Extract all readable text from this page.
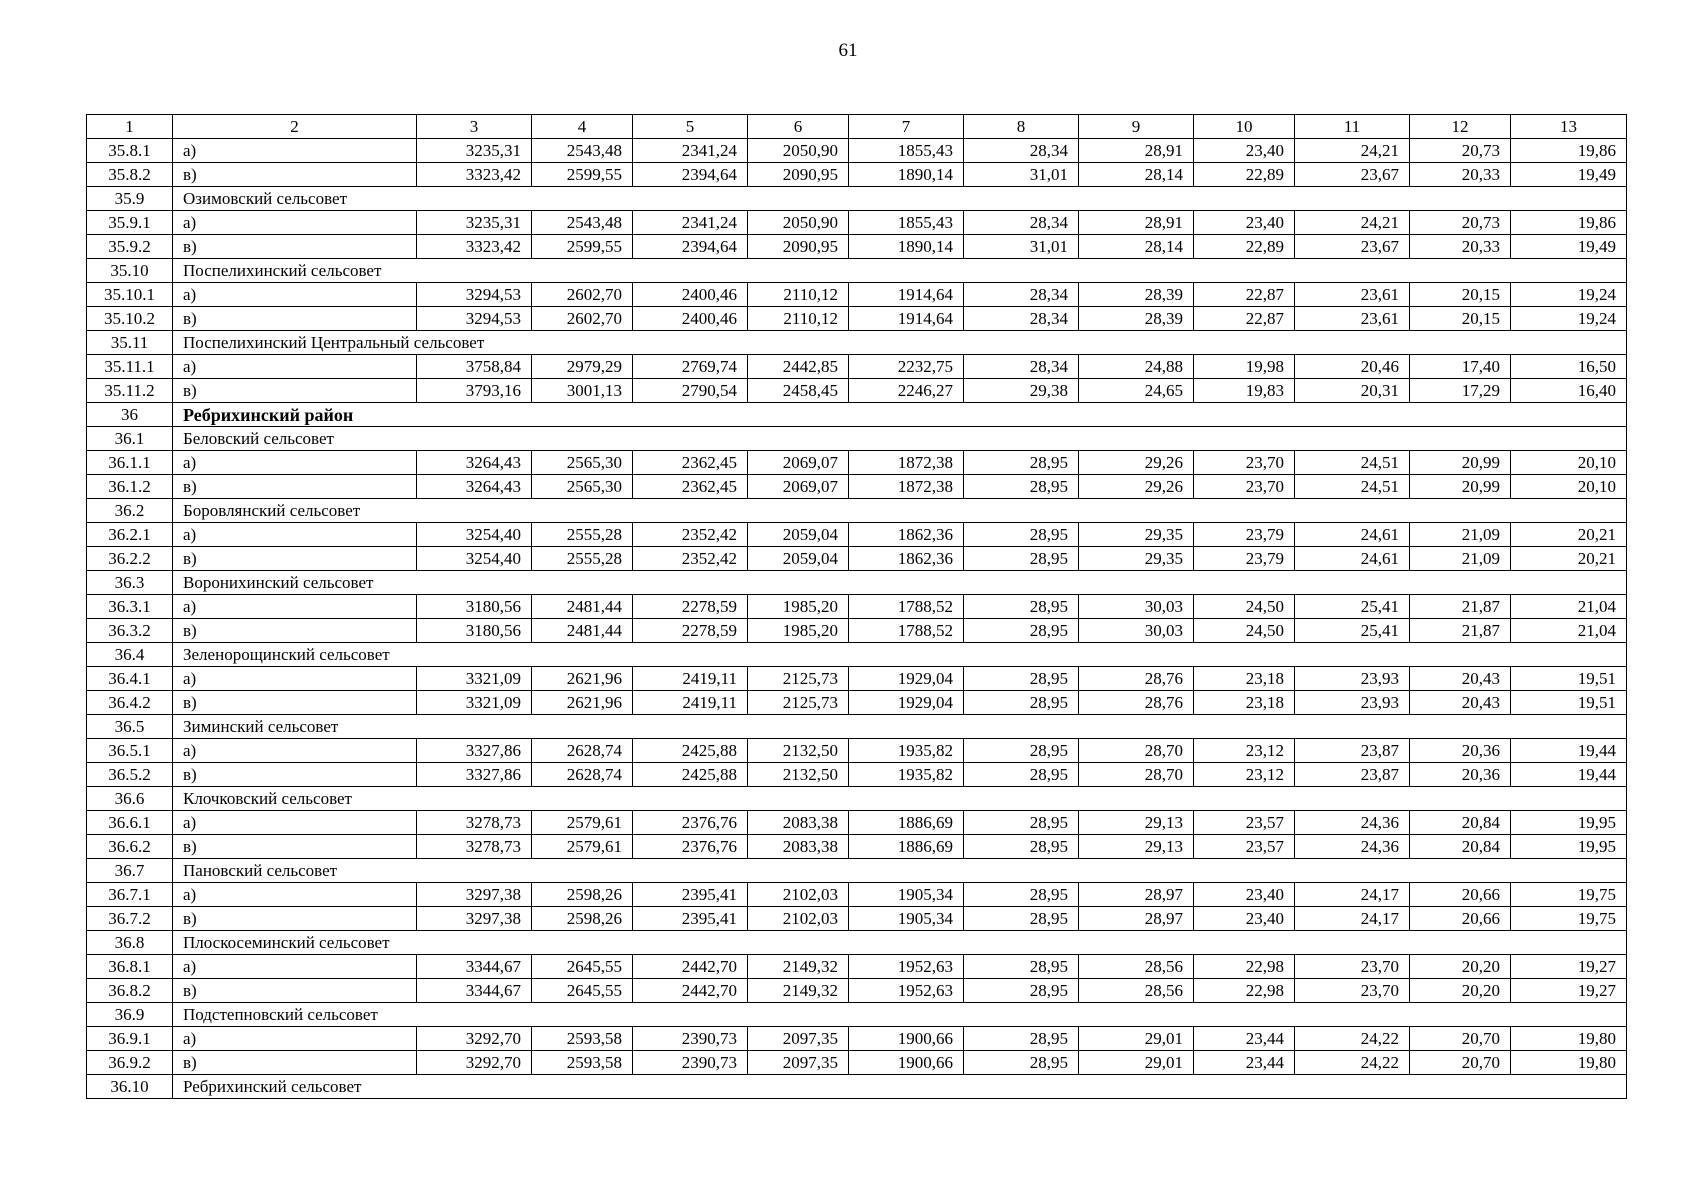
61
1	2	3	4	5	6	7	8	9	10	11	12	13
35.8.1	а)	3235,31	2543,48	2341,24	2050,90	1855,43	28,34	28,91	23,40	24,21	20,73	19,86
35.8.2	в)	3323,42	2599,55	2394,64	2090,95	1890,14	31,01	28,14	22,89	23,67	20,33	19,49
35.9	Озимовский сельсовет											
35.9.1	а)	3235,31	2543,48	2341,24	2050,90	1855,43	28,34	28,91	23,40	24,21	20,73	19,86
35.9.2	в)	3323,42	2599,55	2394,64	2090,95	1890,14	31,01	28,14	22,89	23,67	20,33	19,49
35.10	Поспелихинский сельсовет											
35.10.1	а)	3294,53	2602,70	2400,46	2110,12	1914,64	28,34	28,39	22,87	23,61	20,15	19,24
35.10.2	в)	3294,53	2602,70	2400,46	2110,12	1914,64	28,34	28,39	22,87	23,61	20,15	19,24
35.11	Поспелихинский Центральный сельсовет											
35.11.1	а)	3758,84	2979,29	2769,74	2442,85	2232,75	28,34	24,88	19,98	20,46	17,40	16,50
35.11.2	в)	3793,16	3001,13	2790,54	2458,45	2246,27	29,38	24,65	19,83	20,31	17,29	16,40
36	Ребрихинский район											
36.1	Беловский сельсовет											
36.1.1	а)	3264,43	2565,30	2362,45	2069,07	1872,38	28,95	29,26	23,70	24,51	20,99	20,10
36.1.2	в)	3264,43	2565,30	2362,45	2069,07	1872,38	28,95	29,26	23,70	24,51	20,99	20,10
36.2	Боровлянский сельсовет											
36.2.1	а)	3254,40	2555,28	2352,42	2059,04	1862,36	28,95	29,35	23,79	24,61	21,09	20,21
36.2.2	в)	3254,40	2555,28	2352,42	2059,04	1862,36	28,95	29,35	23,79	24,61	21,09	20,21
36.3	Воронихинский сельсовет											
36.3.1	а)	3180,56	2481,44	2278,59	1985,20	1788,52	28,95	30,03	24,50	25,41	21,87	21,04
36.3.2	в)	3180,56	2481,44	2278,59	1985,20	1788,52	28,95	30,03	24,50	25,41	21,87	21,04
36.4	Зеленорощинский сельсовет											
36.4.1	а)	3321,09	2621,96	2419,11	2125,73	1929,04	28,95	28,76	23,18	23,93	20,43	19,51
36.4.2	в)	3321,09	2621,96	2419,11	2125,73	1929,04	28,95	28,76	23,18	23,93	20,43	19,51
36.5	Зиминский сельсовет											
36.5.1	а)	3327,86	2628,74	2425,88	2132,50	1935,82	28,95	28,70	23,12	23,87	20,36	19,44
36.5.2	в)	3327,86	2628,74	2425,88	2132,50	1935,82	28,95	28,70	23,12	23,87	20,36	19,44
36.6	Клочковский сельсовет											
36.6.1	а)	3278,73	2579,61	2376,76	2083,38	1886,69	28,95	29,13	23,57	24,36	20,84	19,95
36.6.2	в)	3278,73	2579,61	2376,76	2083,38	1886,69	28,95	29,13	23,57	24,36	20,84	19,95
36.7	Пановский сельсовет											
36.7.1	а)	3297,38	2598,26	2395,41	2102,03	1905,34	28,95	28,97	23,40	24,17	20,66	19,75
36.7.2	в)	3297,38	2598,26	2395,41	2102,03	1905,34	28,95	28,97	23,40	24,17	20,66	19,75
36.8	Плоскосеминский сельсовет											
36.8.1	а)	3344,67	2645,55	2442,70	2149,32	1952,63	28,95	28,56	22,98	23,70	20,20	19,27
36.8.2	в)	3344,67	2645,55	2442,70	2149,32	1952,63	28,95	28,56	22,98	23,70	20,20	19,27
36.9	Подстепновский сельсовет											
36.9.1	а)	3292,70	2593,58	2390,73	2097,35	1900,66	28,95	29,01	23,44	24,22	20,70	19,80
36.9.2	в)	3292,70	2593,58	2390,73	2097,35	1900,66	28,95	29,01	23,44	24,22	20,70	19,80
36.10	Ребрихинский сельсовет											
